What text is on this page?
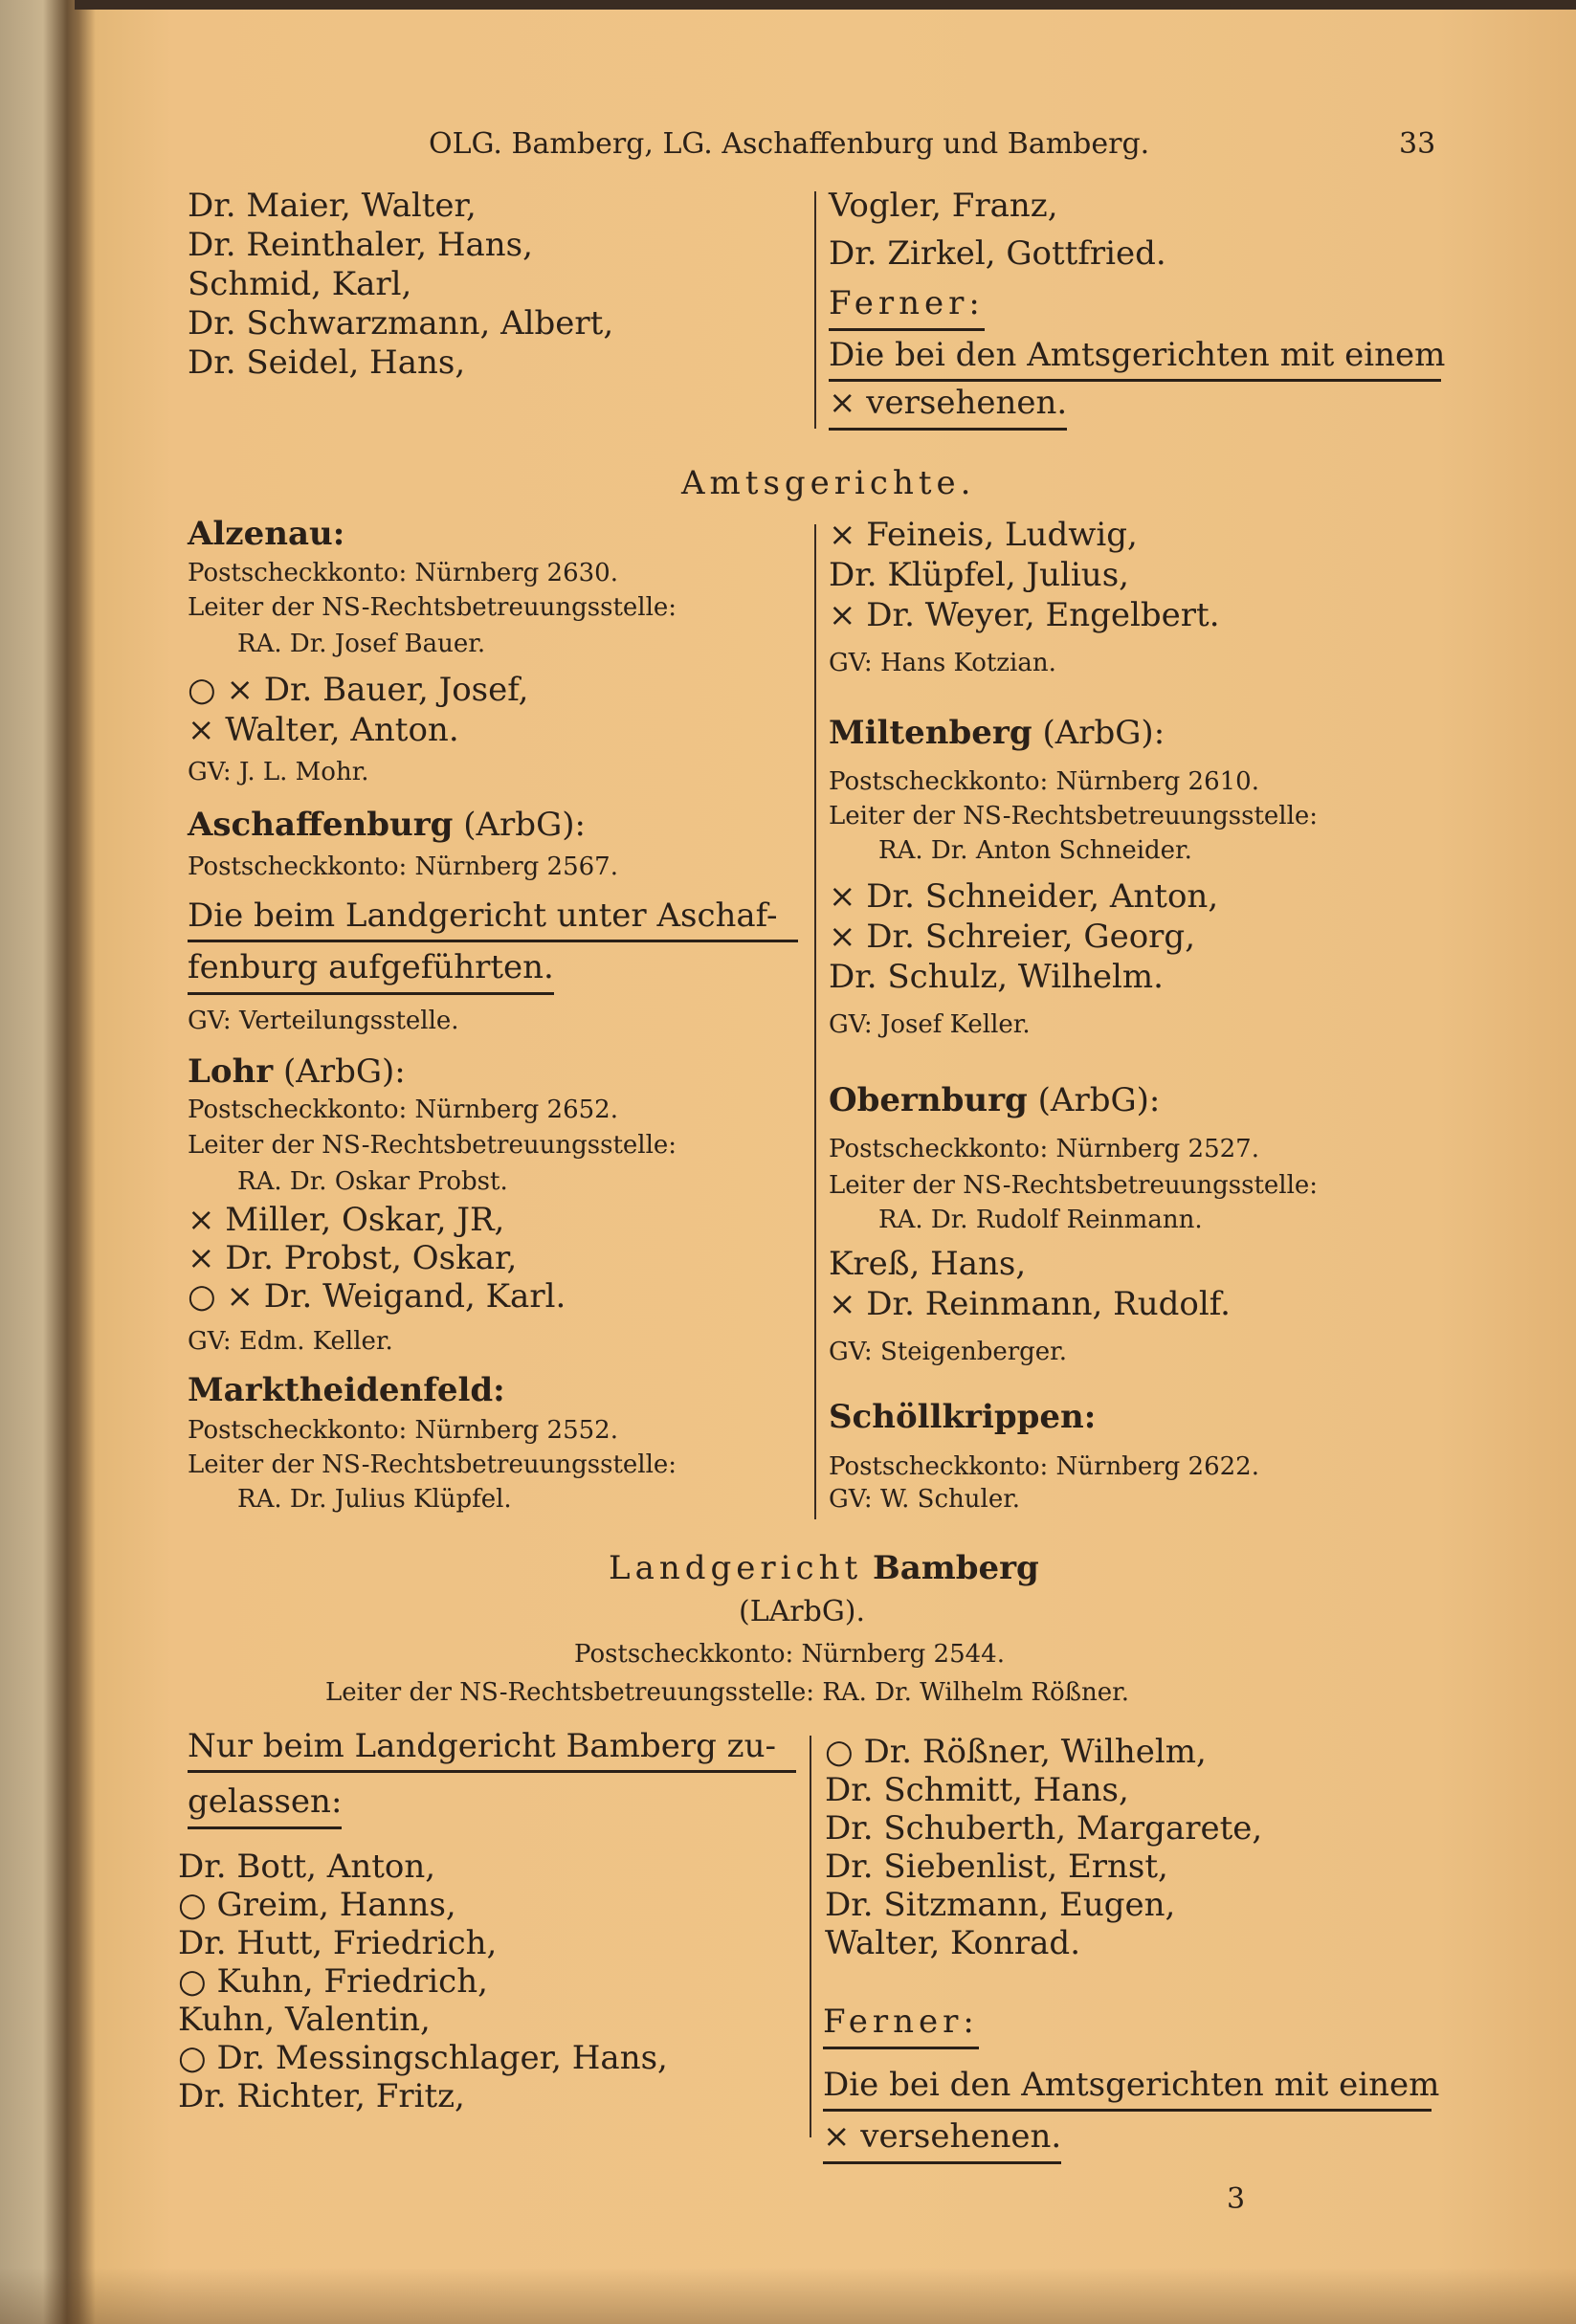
OLG. Bamberg, LG. Aschaffenburg und Bamberg.	33
Dr. Maier, Walter,
Dr. Reinthaler, Hans,
Schmid, Karl,
Dr. Schwarzmann, Albert,
Dr. Seidel, Hans,
Vogler, Franz,
Dr. Zirkel, Gottfried.
Ferner:
Die bei den Amtsgerichten mit einem
× versehenen.
Amtsgerichte.
Alzenau:
Postscheckkonto: Nürnberg 2630.
Leiter der NS-Rechtsbetreuungsstelle:
RA. Dr. Josef Bauer.
○ × Dr. Bauer, Josef,
× Walter, Anton.
GV: J. L. Mohr.
Aschaffenburg (ArbG):
Postscheckkonto: Nürnberg 2567.
Die beim Landgericht unter Aschaf-
fenburg aufgeführten.
GV: Verteilungsstelle.
Lohr (ArbG):
Postscheckkonto: Nürnberg 2652.
Leiter der NS-Rechtsbetreuungsstelle:
RA. Dr. Oskar Probst.
× Miller, Oskar, JR,
× Dr. Probst, Oskar,
○ × Dr. Weigand, Karl.
GV: Edm. Keller.
Marktheidenfeld:
Postscheckkonto: Nürnberg 2552.
Leiter der NS-Rechtsbetreuungsstelle:
RA. Dr. Julius Klüpfel.
× Feineis, Ludwig,
Dr. Klüpfel, Julius,
× Dr. Weyer, Engelbert.
GV: Hans Kotzian.
Miltenberg (ArbG):
Postscheckkonto: Nürnberg 2610.
Leiter der NS-Rechtsbetreuungsstelle:
RA. Dr. Anton Schneider.
× Dr. Schneider, Anton,
× Dr. Schreier, Georg,
Dr. Schulz, Wilhelm.
GV: Josef Keller.
Obernburg (ArbG):
Postscheckkonto: Nürnberg 2527.
Leiter der NS-Rechtsbetreuungsstelle:
RA. Dr. Rudolf Reinmann.
Kreß, Hans,
× Dr. Reinmann, Rudolf.
GV: Steigenberger.
Schöllkrippen:
Postscheckkonto: Nürnberg 2622.
GV: W. Schuler.
Landgericht Bamberg
(LArbG).
Postscheckkonto: Nürnberg 2544.
Leiter der NS-Rechtsbetreuungsstelle: RA. Dr. Wilhelm Rößner.
Nur beim Landgericht Bamberg zu-
gelassen:
Dr. Bott, Anton,
○ Greim, Hanns,
Dr. Hutt, Friedrich,
○ Kuhn, Friedrich,
Kuhn, Valentin,
○ Dr. Messingschlager, Hans,
Dr. Richter, Fritz,
○ Dr. Rößner, Wilhelm,
Dr. Schmitt, Hans,
Dr. Schuberth, Margarete,
Dr. Siebenlist, Ernst,
Dr. Sitzmann, Eugen,
Walter, Konrad.
Ferner:
Die bei den Amtsgerichten mit einem
× versehenen.
3
